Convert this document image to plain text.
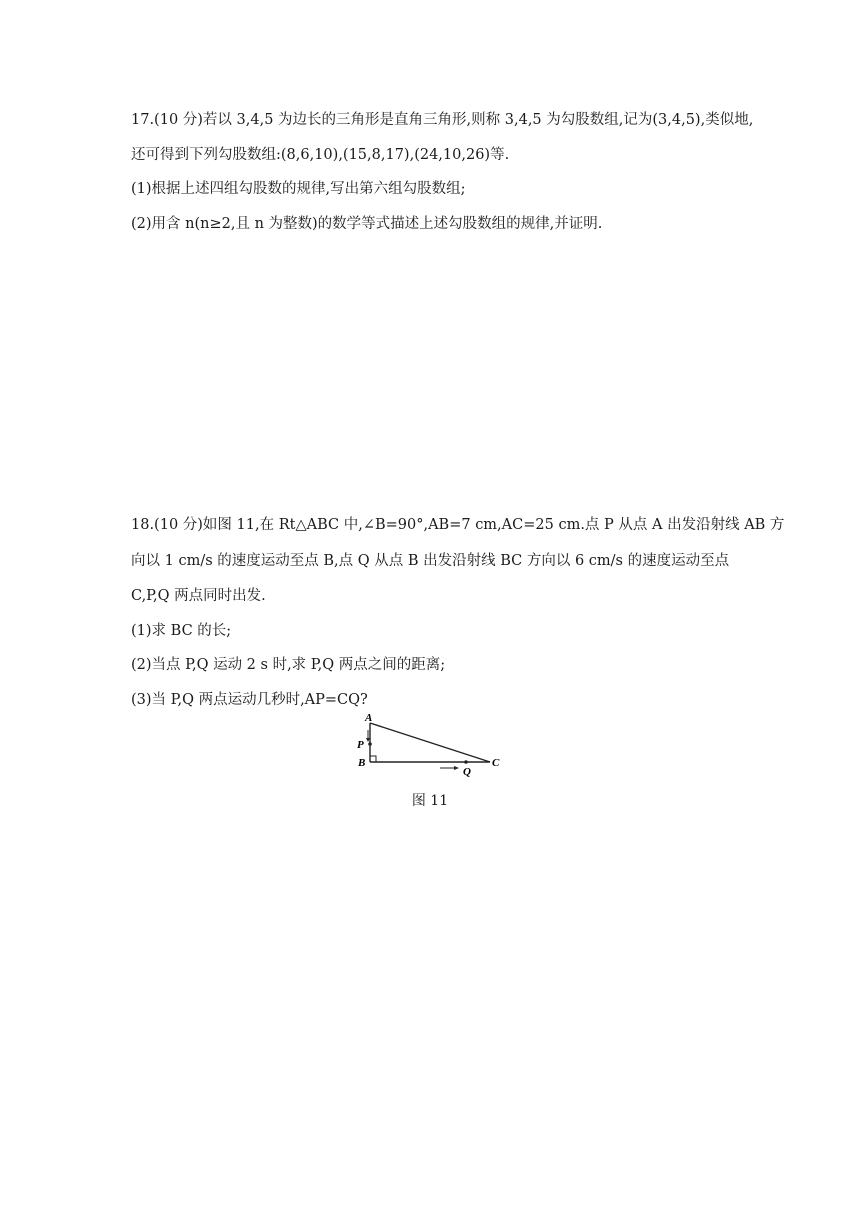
17.(10 分)若以 3,4,5 为边长的三角形是直角三角形,则称 3,4,5 为勾股数组,记为(3,4,5),类似地,
还可得到下列勾股数组:(8,6,10),(15,8,17),(24,10,26)等.
(1)根据上述四组勾股数的规律,写出第六组勾股数组;
(2)用含 n(n≥2,且 n 为整数)的数学等式描述上述勾股数组的规律,并证明.
18.(10 分)如图 11,在 Rt△ABC 中,∠B=90°,AB=7 cm,AC=25 cm.点 P 从点 A 出发沿射线 AB 方
向以 1 cm/s 的速度运动至点 B,点 Q 从点 B 出发沿射线 BC 方向以 6 cm/s 的速度运动至点
C,P,Q 两点同时出发.
(1)求 BC 的长;
(2)当点 P,Q 运动 2 s 时,求 P,Q 两点之间的距离;
(3)当 P,Q 两点运动几秒时,AP=CQ?
A
P
B
Q
C
图 11
